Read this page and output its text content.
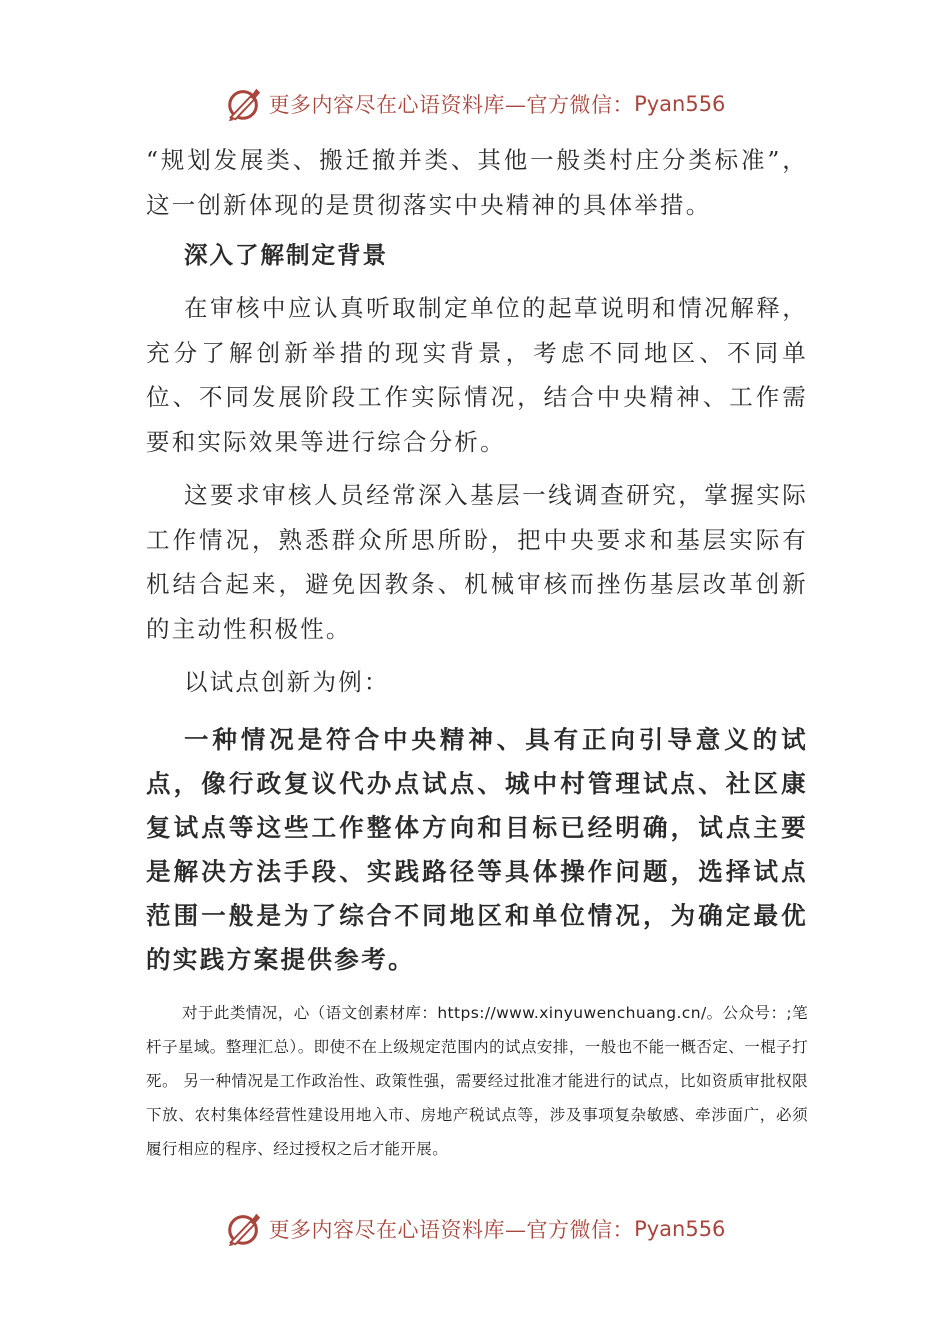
更多内容尽在心语资料库—官方微信： Pyan556

“规划发展类、搬迁撤并类、其他一般类村庄分类标准”，这一创新体现的是贯彻落实中央精神的具体举措。

深入了解制定背景

在审核中应认真听取制定单位的起草说明和情况解释，充分了解创新举措的现实背景，考虑不同地区、不同单位、不同发展阶段工作实际情况，结合中央精神、工作需要和实际效果等进行综合分析。

这要求审核人员经常深入基层一线调查研究，掌握实际工作情况，熟悉群众所思所盼，把中央要求和基层实际有机结合起来，避免因教条、机械审核而挫伤基层改革创新的主动性积极性。

以试点创新为例：

一种情况是符合中央精神、具有正向引导意义的试点，像行政复议代办点试点、城中村管理试点、社区康复试点等这些工作整体方向和目标已经明确，试点主要是解决方法手段、实践路径等具体操作问题，选择试点范围一般是为了综合不同地区和单位情况，为确定最优的实践方案提供参考。

对于此类情况，心（语文创素材库：https://www.xinyuwenchuang.cn/。公众号：;笔杆子星域。整理汇总）。即使不在上级规定范围内的试点安排，一般也不能一概否定、一棍子打死。 另一种情况是工作政治性、政策性强，需要经过批准才能进行的试点，比如资质审批权限下放、农村集体经营性建设用地入市、房地产税试点等，涉及事项复杂敏感、牵涉面广，必须履行相应的程序、经过授权之后才能开展。

更多内容尽在心语资料库—官方微信： Pyan556
